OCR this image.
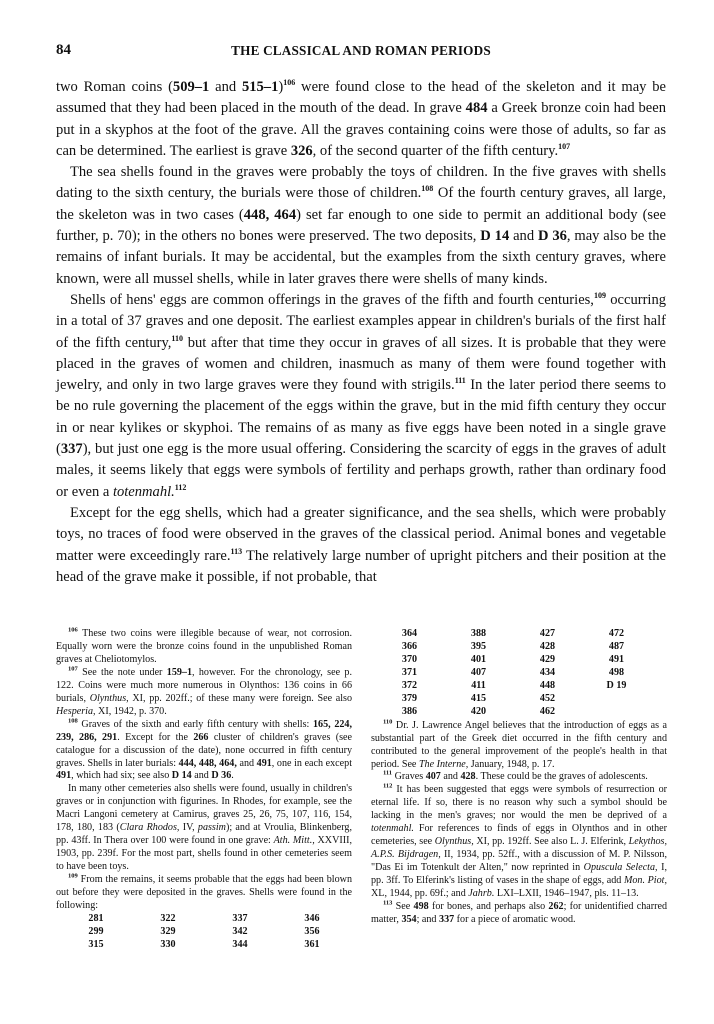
84	THE CLASSICAL AND ROMAN PERIODS

two Roman coins (509–1 and 515–1)$^{106}$ were found close to the head of the skeleton and it may be assumed that they had been placed in the mouth of the dead. In grave 484 a Greek bronze coin had been put in a skyphos at the foot of the grave. All the graves containing coins were those of adults, so far as can be determined. The earliest is grave 326, of the second quarter of the fifth century.$^{107}$

The sea shells found in the graves were probably the toys of children. In the five graves with shells dating to the sixth century, the burials were those of children.$^{108}$ Of the fourth century graves, all large, the skeleton was in two cases (448, 464) set far enough to one side to permit an additional body (see further, p. 70); in the others no bones were preserved. The two deposits, D 14 and D 36, may also be the remains of infant burials. It may be accidental, but the examples from the sixth century graves, where known, were all mussel shells, while in later graves there were shells of many kinds.

Shells of hens' eggs are common offerings in the graves of the fifth and fourth centuries,$^{109}$ occurring in a total of 37 graves and one deposit. The earliest examples appear in children's burials of the first half of the fifth century,$^{110}$ but after that time they occur in graves of all sizes. It is probable that they were placed in the graves of women and children, inasmuch as many of them were found together with jewelry, and only in two large graves were they found with strigils.$^{111}$ In the later period there seems to be no rule governing the placement of the eggs within the grave, but in the mid fifth century they occur in or near kylikes or skyphoi. The remains of as many as five eggs have been noted in a single grave (337), but just one egg is the more usual offering. Considering the scarcity of eggs in the graves of adult males, it seems likely that eggs were symbols of fertility and perhaps growth, rather than ordinary food or even a totenmahl.$^{112}$

Except for the egg shells, which had a greater significance, and the sea shells, which were probably toys, no traces of food were observed in the graves of the classical period. Animal bones and vegetable matter were exceedingly rare.$^{113}$ The relatively large number of upright pitchers and their position at the head of the grave make it possible, if not probable, that

$^{106}$ These two coins were illegible because of wear, not corrosion. Equally worn were the bronze coins found in the unpublished Roman graves at Cheliotomylos.

$^{107}$ See the note under 159–1, however. For the chronology, see p. 122. Coins were much more numerous in Olynthos: 136 coins in 66 burials, Olynthus, XI, pp. 202ff.; of these many were foreign. See also Hesperia, XI, 1942, p. 370.

$^{108}$ Graves of the sixth and early fifth century with shells: 165, 224, 239, 286, 291. Except for the 266 cluster of children's graves (see catalogue for a discussion of the date), none occurred in fifth century graves. Shells in later burials: 444, 448, 464, and 491, one in each except 491, which had six; see also D 14 and D 36.

In many other cemeteries also shells were found, usually in children's graves or in conjunction with figurines. In Rhodes, for example, see the Macri Langoni cemetery at Camirus, graves 25, 26, 75, 107, 116, 154, 178, 180, 183 (Clara Rhodos, IV, passim); and at Vroulia, Blinkenberg, pp. 43ff. In Thera over 100 were found in one grave: Ath. Mitt., XXVIII, 1903, pp. 239f. For the most part, shells found in other cemeteries seem to have been toys.

$^{109}$ From the remains, it seems probable that the eggs had been blown out before they were deposited in the graves. Shells were found in the following:

281	322	337	346
299	329	342	356
315	330	344	361
364	388	427	472
366	395	428	487
370	401	429	491
371	407	434	498
372	411	448	D 19
379	415	452	
386	420	462	

$^{110}$ Dr. J. Lawrence Angel believes that the introduction of eggs as a substantial part of the Greek diet occurred in the fifth century and contributed to the general improvement of the people's health in that period. See The Interne, January, 1948, p. 17.

$^{111}$ Graves 407 and 428. These could be the graves of adolescents.

$^{112}$ It has been suggested that eggs were symbols of resurrection or eternal life. If so, there is no reason why such a symbol should be lacking in the men's graves; nor would the men be deprived of a totenmahl. For references to finds of eggs in Olynthos and in other cemeteries, see Olynthus, XI, pp. 192ff. See also L. J. Elferink, Lekythos, A.P.S. Bijdragen, II, 1934, pp. 52ff., with a discussion of M. P. Nilsson, "Das Ei im Totenkult der Alten," now reprinted in Opuscula Selecta, I, pp. 3ff. To Elferink's listing of vases in the shape of eggs, add Mon. Piot, XL, 1944, pp. 69f.; and Jahrb. LXI–LXII, 1946–1947, pls. 11–13.

$^{113}$ See 498 for bones, and perhaps also 262; for unidentified charred matter, 354; and 337 for a piece of aromatic wood.
